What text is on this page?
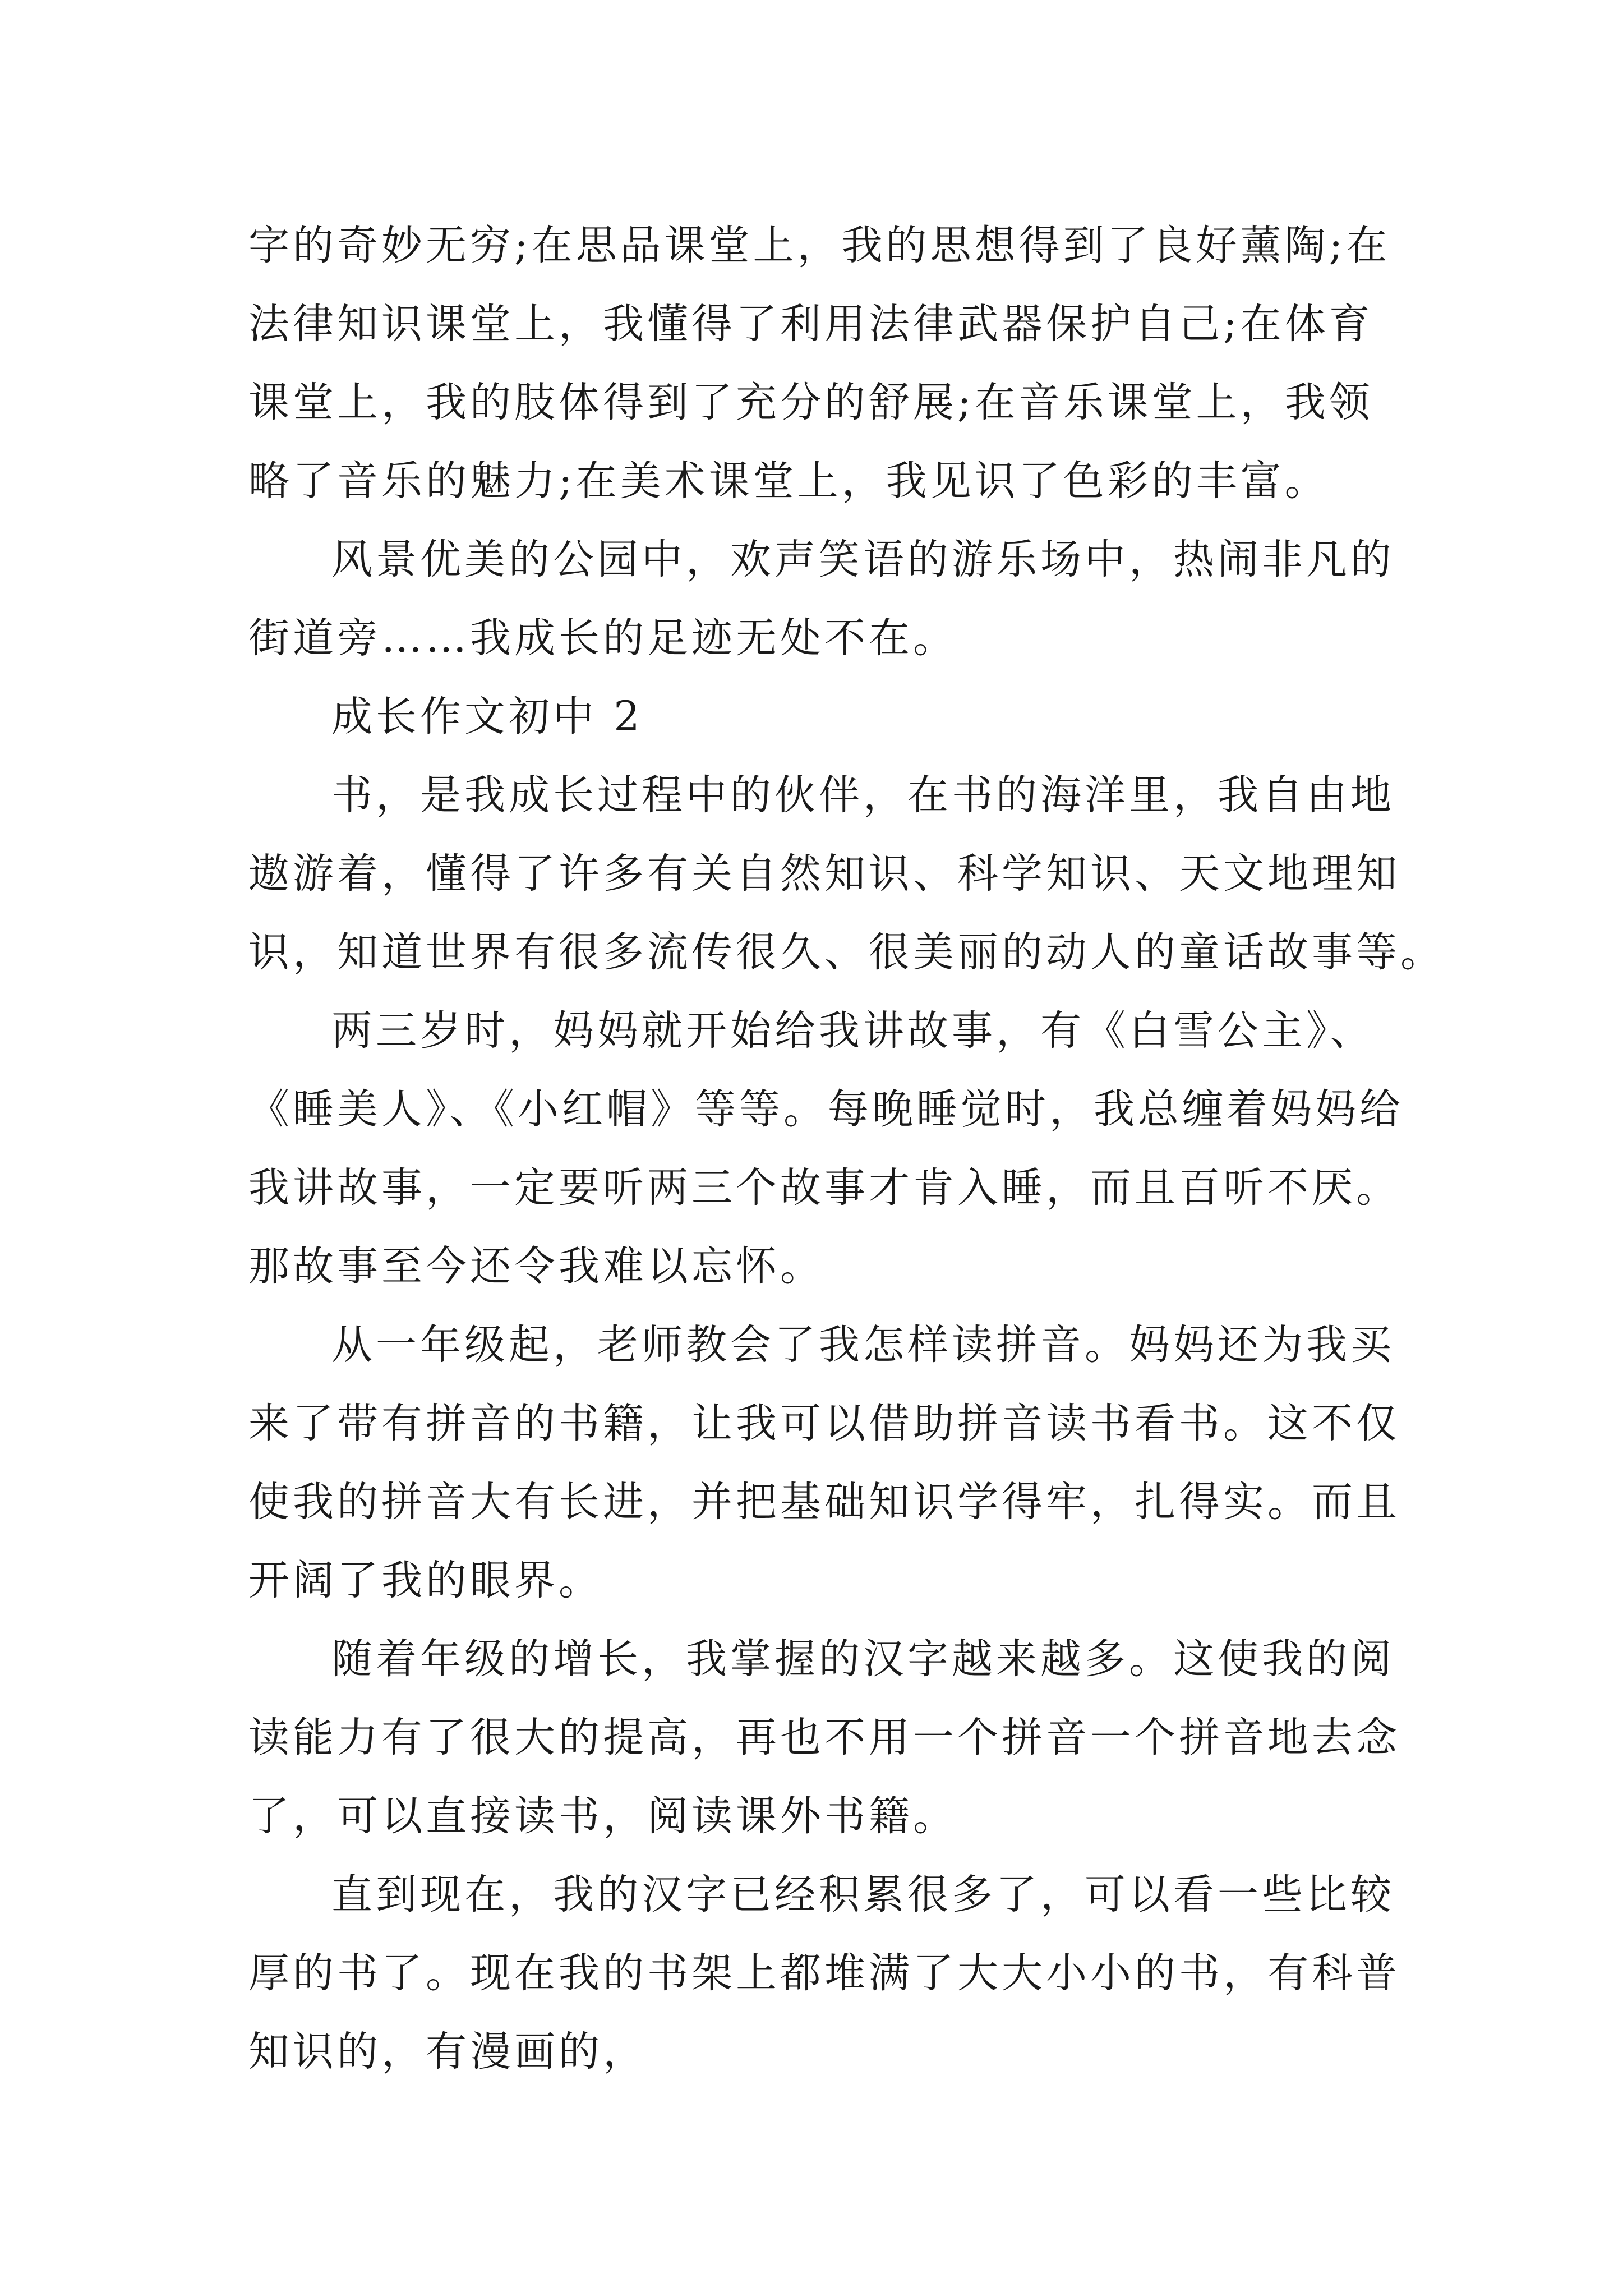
字的奇妙无穷;在思品课堂上，我的思想得到了良好薰陶;在
法律知识课堂上，我懂得了利用法律武器保护自己;在体育
课堂上，我的肢体得到了充分的舒展;在音乐课堂上，我领
略了音乐的魅力;在美术课堂上，我见识了色彩的丰富。
风景优美的公园中，欢声笑语的游乐场中，热闹非凡的
街道旁……我成长的足迹无处不在。
成长作文初中 2
书，是我成长过程中的伙伴，在书的海洋里，我自由地
遨游着，懂得了许多有关自然知识、科学知识、天文地理知
识，知道世界有很多流传很久、很美丽的动人的童话故事等。
两三岁时，妈妈就开始给我讲故事，有《白雪公主》、
《睡美人》、《小红帽》等等。每晚睡觉时，我总缠着妈妈给
我讲故事，一定要听两三个故事才肯入睡，而且百听不厌。
那故事至今还令我难以忘怀。
从一年级起，老师教会了我怎样读拼音。妈妈还为我买
来了带有拼音的书籍，让我可以借助拼音读书看书。这不仅
使我的拼音大有长进，并把基础知识学得牢，扎得实。而且
开阔了我的眼界。
随着年级的增长，我掌握的汉字越来越多。这使我的阅
读能力有了很大的提高，再也不用一个拼音一个拼音地去念
了，可以直接读书，阅读课外书籍。
直到现在，我的汉字已经积累很多了，可以看一些比较
厚的书了。现在我的书架上都堆满了大大小小的书，有科普
知识的，有漫画的，
